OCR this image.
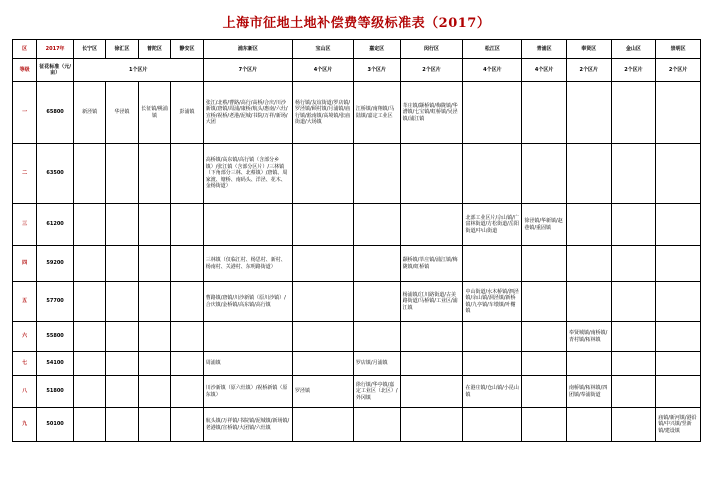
上海市征地土地补偿费等级标准表（2017）
区	2017年	长宁区	徐汇区	普陀区	静安区	浦东新区	宝山区	嘉定区	闵行区	松江区	青浦区	奉贤区	金山区	崇明区
等级	征花标准（元/亩）	1个区片				7个区片	4个区片	3个区片	2个区片	4个区片	4个区片	2个区片	2个区片	2个区片
一	65800	新泾镇	华泾镇	长征镇/桃浦镇	彭浦镇	张江/北蔡/曹路/高行/高桥/合庆/川沙新镇/唐镇/周浦/康桥/航头/惠南/六灶/宣桥/祝桥/老港/泥城/书院/万祥/新场/大团	杨行镇/友谊街道/罗店镇/罗泾镇/顾村镇/月浦镇/庙行镇/淞南镇/高境镇/张庙街道/大场镇	江桥镇/南翔镇/马陆镇/嘉定工业区	莘庄镇/颛桥镇/梅陇镇/华漕镇/七宝镇/虹桥镇/吴泾镇/浦江镇					

二	63500					高桥镇/高东镇/高行镇（含部分乡镇）/张江镇（含部分区片）/三林镇（下角部分三林、北蔡镇）/唐镇、周家渡、塘桥、南码头、洋泾、花木、金杨街道）								

三	61200									北部工业区片/佘山镇/广富林街道/方松街道/岳阳街道/中山街道	徐泾镇/华新镇/赵巷镇/重固镇			

四	59200					三林镇（仅临江村、杨思村、新村、杨南村、关港村、东明路街道）			颛桥镇/莘庄镇/浦江镇/梅陇镇/虹桥镇					

五	57700					曹路镇/唐镇/川沙新镇（原川沙镇）/合庆镇/金桥镇/高东镇/高行镇			杨浦镇/江川路街道/古美路街道/马桥镇/工业区/浦江镇	中山街道/水木桥镇/泗泾镇/余山镇/洞泾镇/新桥镇/九亭镇/车墩镇/叶榭镇				

六	55800											奉贤城镇/南桥镇/青村镇/柘林镇		

七	54100					周浦镇		罗店镇/月浦镇						

八	51800					川沙新镇（原六灶镇）/祝桥新镇（原东镇）	罗泾镇	徐行镇/华亭镇/嘉定工业区（北区）/外冈镇		在港庄镇/仓山镇/小昆山镇		南桥镇/柘林镇/四团镇/奉浦街道		

九	50100					航头镇/万祥镇/书院镇/泥城镇/新场镇/老港镇/宣桥镇/大团镇/六灶镇								庙镇/新河镇/港沿镇/中兴镇/竖新镇/建设镇
